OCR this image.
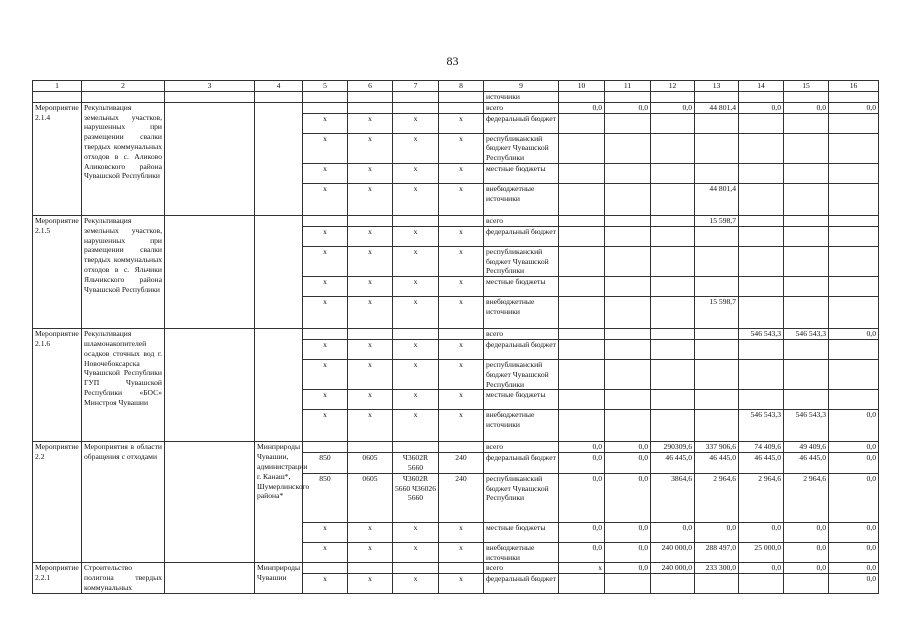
83
1	2	3	4	5	6	7	8	9	10	11	12	13	14	15	16
								источники							
Мероприятие 2.1.4	Рекультивация земельных участков, нарушенных при размещении свалки твердых коммунальных отходов в с. Аликово Аликовского района Чувашской Республики							всего	0,0	0,0	0,0	44 801,4	0,0	0,0	0,0
				x	x	x	x	федеральный бюджет							
				x	x	x	x	республиканский бюджет Чувашской Республики							
				x	x	x	x	местные бюджеты							
				x	x	x	x	внебюджетные источники				44 801,4			
Мероприятие 2.1.5	Рекультивация земельных участков, нарушенных при размещении свалки твердых коммунальных отходов в с. Яльчики Яльчикского района Чувашской Республики							всего				15 598,7			
				x	x	x	x	федеральный бюджет							
				x	x	x	x	республиканский бюджет Чувашской Республики							
				x	x	x	x	местные бюджеты							
				x	x	x	x	внебюджетные источники				15 598,7			
Мероприятие 2.1.6	Рекультивация шламонакопителей осадков сточных вод г. Новочебоксарска Чувашской Республики ГУП Чувашской Республики «БОС» Минстроя Чувашии							всего					546 543,3	546 543,3	0,0
				x	x	x	x	федеральный бюджет							
				x	x	x	x	республиканский бюджет Чувашской Республики							
				x	x	x	x	местные бюджеты							
				x	x	x	x	внебюджетные источники					546 543,3	546 543,3	0,0
Мероприятие 2.2	Мероприятия в области обращения с отходами		Минприроды Чувашии, администрации г. Канаш*, Шумерлинского района*					всего	0,0	0,0	290309,6	337 906,6	74 409,6	49 409,6	0,0
				850	0605	Ч3602R 5660	240	федеральный бюджет	0,0	0,0	46 445,0	46 445,0	46 445,0	46 445,0	0,0
				850	0605	Ч3602R 5660 Ч36026 5660	240	республиканский бюджет Чувашской Республики	0,0	0,0	3864,6	2 964,6	2 964,6	2 964,6	0,0
				x	x	x	x	местные бюджеты	0,0	0,0	0,0	0,0	0,0	0,0	0,0
				x	x	x	x	внебюджетные источники	0,0	0,0	240 000,0	288 497,0	25 000,0	0,0	0,0
Мероприятие 2.2.1	Строительство полигона твердых коммунальных		Минприроды Чувашии					всего	x	0,0	240 000,0	233 300,0	0,0	0,0	0,0
				x	x	x	x	федеральный бюджет							0,0
